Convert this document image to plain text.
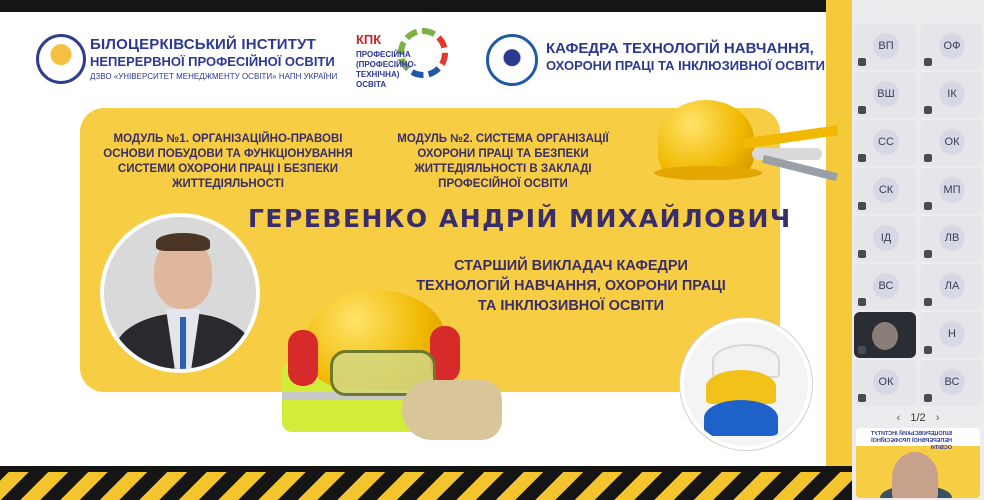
БІЛОЦЕРКІВСЬКИЙ ІНСТИТУТ
НЕПЕРЕРВНОЇ ПРОФЕСІЙНОЇ ОСВІТИ
ДЗВО «УНІВЕРСИТЕТ МЕНЕДЖМЕНТУ ОСВІТИ» НАПН УКРАЇНИ
КПК
ПРОФЕСІЙНА (ПРОФЕСІЙНО-ТЕХНІЧНА) ОСВІТА
КАФЕДРА ТЕХНОЛОГІЙ НАВЧАННЯ,
ОХОРОНИ ПРАЦІ ТА ІНКЛЮЗИВНОЇ ОСВІТИ
МОДУЛЬ №1. ОРГАНІЗАЦІЙНО-ПРАВОВІ ОСНОВИ ПОБУДОВИ ТА ФУНКЦІОНУВАННЯ СИСТЕМИ ОХОРОНИ ПРАЦІ І БЕЗПЕКИ ЖИТТЕДІЯЛЬНОСТІ
МОДУЛЬ №2. СИСТЕМА ОРГАНІЗАЦІЇ ОХОРОНИ ПРАЦІ ТА БЕЗПЕКИ ЖИТТЕДІЯЛЬНОСТІ В ЗАКЛАДІ ПРОФЕСІЙНОЇ ОСВІТИ
ГЕРЕВЕНКО АНДРІЙ МИХАЙЛОВИЧ
СТАРШИЙ ВИКЛАДАЧ КАФЕДРИ ТЕХНОЛОГІЙ НАВЧАННЯ, ОХОРОНИ ПРАЦІ ТА ІНКЛЮЗИВНОЇ ОСВІТИ
‹ 1/2 ›
БІЛОЦЕРКІВСЬКИЙ ІНСТИТУТ НЕПЕРЕРВНОЇ ПРОФЕСІЙНОЇ ОСВІТИ
ВП	ОФ
ВШ	ІК
СС	ОК
СК	МП
ІД	ЛВ
ВС	ЛА
Н
ОК	ВС
